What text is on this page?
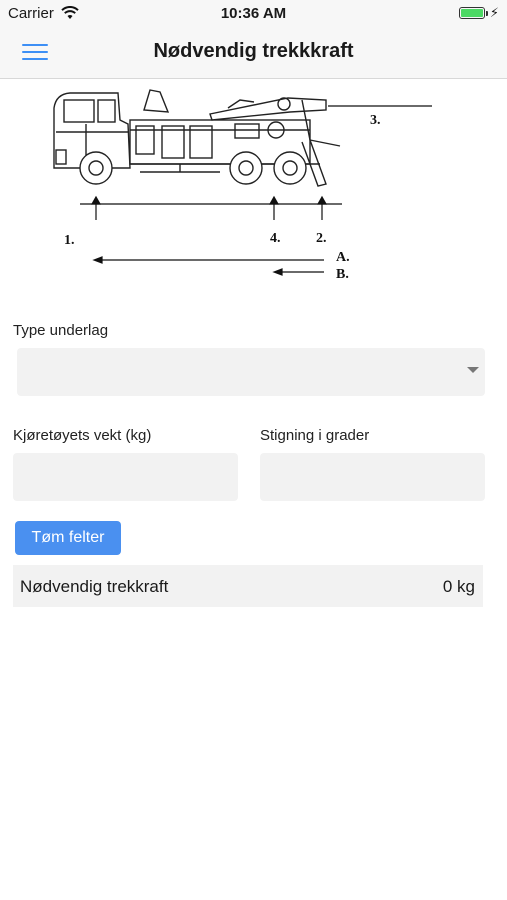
Carrier	10:36 AM	⚡
Nødvendig trekkkraft
3.
1.	4.	2.
A.
B.
Type underlag
Kjøretøyets vekt (kg)	Stigning i grader
Tøm felter
Nødvendig trekkraft	0 kg
